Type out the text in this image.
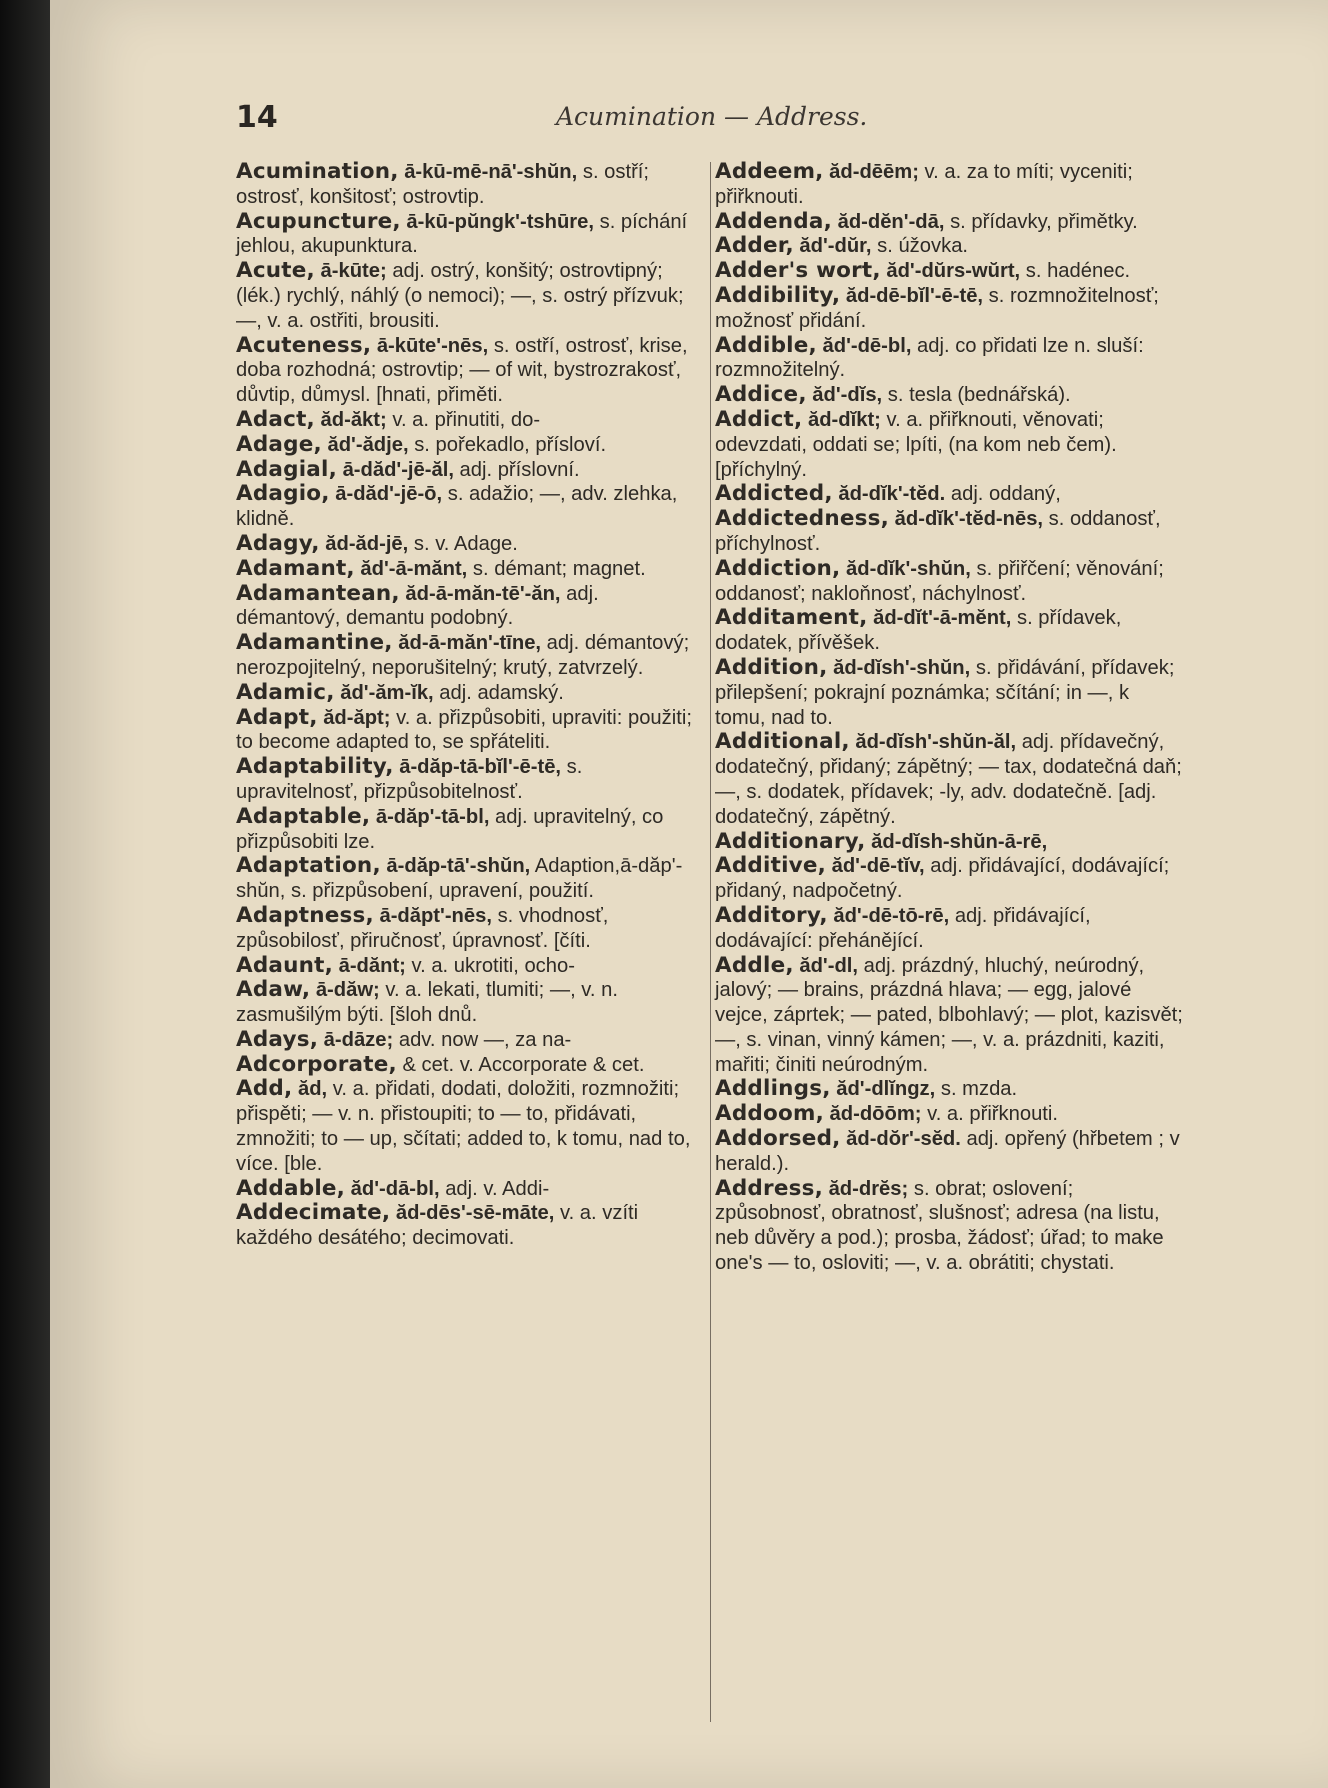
14	Acumination — Address.

Acumination, ā-kū-mē-nā'-shŭn, s. ostří; ostrosť, konšitosť; ostrovtip.

Acupuncture, ā-kū-pŭngk'-tshūre, s. píchání jehlou, akupunktura.

Acute, ā-kūte; adj. ostrý, konšitý; ostrovtipný; (lék.) rychlý, náhlý (o nemoci); —, s. ostrý přízvuk; —, v. a. ostřiti, brousiti.

Acuteness, ā-kūte'-nēs, s. ostří, ostrosť, krise, doba rozhodná; ostrovtip; — of wit, bystrozrakosť, důvtip, důmysl. [hnati, přiměti.

Adact, ăd-ăkt; v. a. přinutiti, do-

Adage, ăd'-ădje, s. pořekadlo, přísloví.

Adagial, ā-dăd'-jē-ăl, adj. příslovní.

Adagio, ā-dăd'-jē-ō, s. adažio; —, adv. zlehka, klidně.

Adagy, ăd-ăd-jē, s. v. Adage.

Adamant, ăd'-ā-mănt, s. démant; magnet.

Adamantean, ăd-ā-măn-tē'-ăn, adj. démantový, demantu podobný.

Adamantine, ăd-ā-măn'-tīne, adj. démantový; nerozpojitelný, neporušitelný; krutý, zatvrzelý.

Adamic, ăd'-ăm-ĭk, adj. adamský.

Adapt, ăd-ăpt; v. a. přizpůsobiti, upraviti: použiti; to become adapted to, se spřáteliti.

Adaptability, ā-dăp-tā-bĭl'-ē-tē, s. upravitelnosť, přizpůsobitelnosť.

Adaptable, ā-dăp'-tā-bl, adj. upravitelný, co přizpůsobiti lze.

Adaptation, ā-dăp-tā'-shŭn, Adaption,ā-dăp'-shŭn, s. přizpůsobení, upravení, použití.

Adaptness, ā-dăpt'-nēs, s. vhodnosť, způsobilosť, přiručnosť, úpravnosť. [číti.

Adaunt, ā-dănt; v. a. ukrotiti, ocho-

Adaw, ā-dăw; v. a. lekati, tlumiti; —, v. n. zasmušilým býti. [šloh dnů.

Adays, ā-dāze; adv. now —, za na-

Adcorporate, & cet. v. Accorporate & cet.

Add, ăd, v. a. přidati, dodati, doložiti, rozmnožiti; přispěti; — v. n. přistoupiti; to — to, přidávati, zmnožiti; to — up, sčítati; added to, k tomu, nad to, více. [ble.

Addable, ăd'-dā-bl, adj. v. Addi-

Addecimate, ăd-dēs'-sē-māte, v. a. vzíti každého desátého; decimovati.

Addeem, ăd-dēēm; v. a. za to míti; vyceniti; přiřknouti.

Addenda, ăd-dĕn'-dā, s. přídavky, přimětky.

Adder, ăd'-dŭr, s. úžovka.

Adder's wort, ăd'-dŭrs-wŭrt, s. hadénec.

Addibility, ăd-dē-bĭl'-ē-tē, s. rozmnožitelnosť; možnosť přidání.

Addible, ăd'-dē-bl, adj. co přidati lze n. sluší: rozmnožitelný.

Addice, ăd'-dĭs, s. tesla (bednářská).

Addict, ăd-dĭkt; v. a. přiřknouti, věnovati; odevzdati, oddati se; lpíti, (na kom neb čem). [příchylný.

Addicted, ăd-dĭk'-tĕd. adj. oddaný,

Addictedness, ăd-dĭk'-tĕd-nēs, s. oddanosť, příchylnosť.

Addiction, ăd-dĭk'-shŭn, s. přiřčení; věnování; oddanosť; nakloňnosť, náchylnosť.

Additament, ăd-dĭt'-ā-mĕnt, s. přídavek, dodatek, přívěšek.

Addition, ăd-dĭsh'-shŭn, s. přidávání, přídavek; přilepšení; pokrajní poznámka; sčítání; in —, k tomu, nad to.

Additional, ăd-dĭsh'-shŭn-ăl, adj. přídavečný, dodatečný, přidaný; zápětný; — tax, dodatečná daň; —, s. dodatek, přídavek; -ly, adv. dodatečně. [adj. dodatečný, zápětný.

Additionary, ăd-dĭsh-shŭn-ā-rē,

Additive, ăd'-dē-tĭv, adj. přidávající, dodávající; přidaný, nadpočetný.

Additory, ăd'-dē-tō-rē, adj. přidávající, dodávající: přehánějící.

Addle, ăd'-dl, adj. prázdný, hluchý, neúrodný, jalový; — brains, prázdná hlava; — egg, jalové vejce, záprtek; — pated, blbohlavý; — plot, kazisvět; —, s. vinan, vinný kámen; —, v. a. prázdniti, kaziti, mařiti; činiti neúrodným.

Addlings, ăd'-dlĭngz, s. mzda.

Addoom, ăd-dōōm; v. a. přiřknouti.

Addorsed, ăd-dŏr'-sĕd. adj. opřený (hřbetem ; v herald.).

Address, ăd-drĕs; s. obrat; oslovení; způsobnosť, obratnosť, slušnosť; adresa (na listu, neb důvěry a pod.); prosba, žádosť; úřad; to make one's — to, osloviti; —, v. a. obrátiti; chystati.
